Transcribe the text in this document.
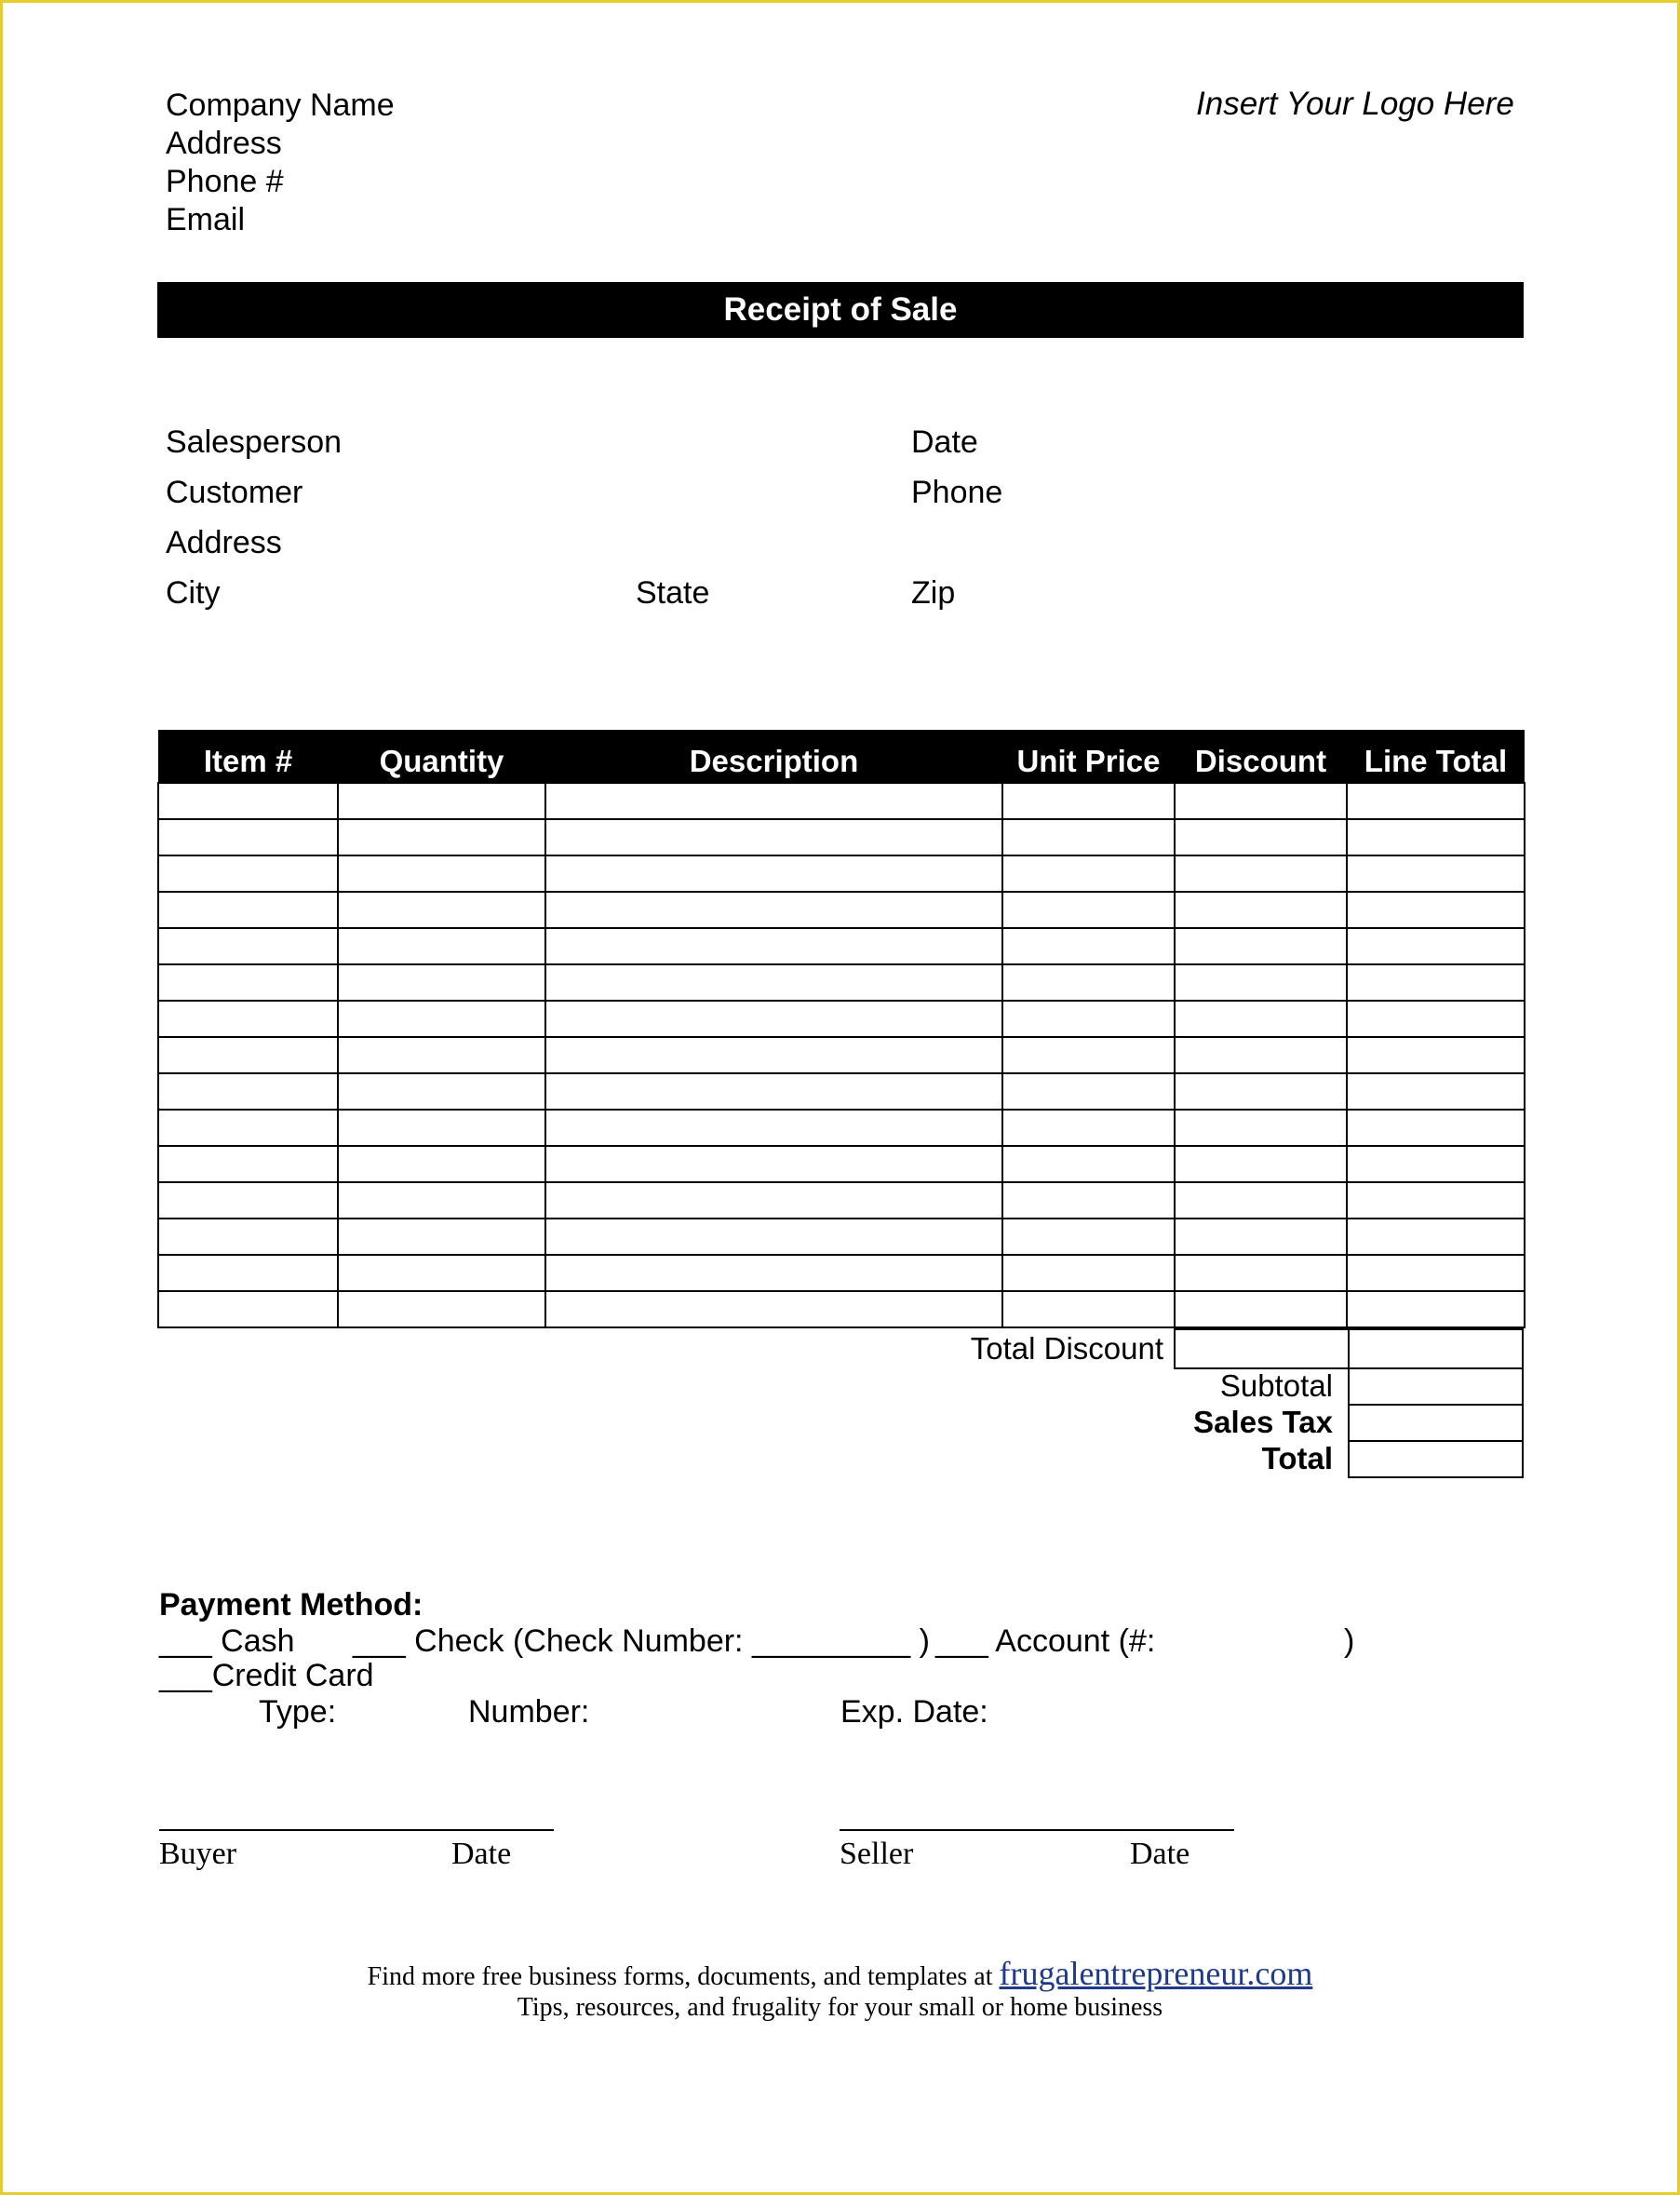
Company Name
Address
Phone #
Email
Insert Your Logo Here
Receipt of Sale
Salesperson	Date
Customer	Phone
Address
City	State	Zip
Item #	Quantity	Description	Unit Price	Discount	Line Total

Total Discount
Subtotal
Sales Tax
Total
Payment Method:
___ Cash ___ Check (Check Number: _________ ) ___ Account (#:	)
___Credit Card
Type:	Number:	Exp. Date:
Buyer	Date	Seller	Date
Find more free business forms, documents, and templates at frugalentrepreneur.com
Tips, resources, and frugality for your small or home business
